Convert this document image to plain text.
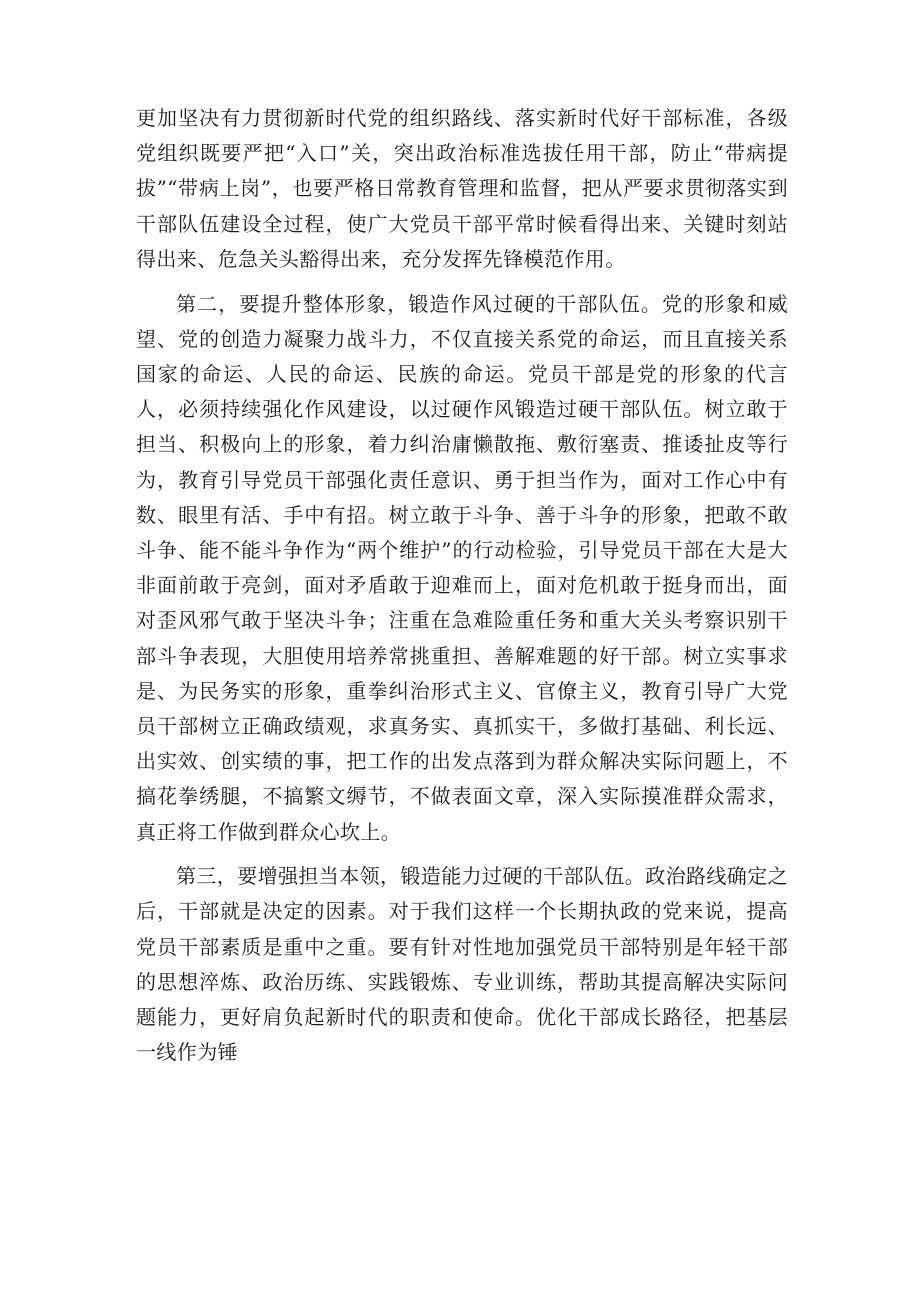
更加坚决有力贯彻新时代党的组织路线、落实新时代好干部标准，各级党组织既要严把“入口”关，突出政治标准选拔任用干部，防止“带病提拔”“带病上岗”，也要严格日常教育管理和监督，把从严要求贯彻落实到干部队伍建设全过程，使广大党员干部平常时候看得出来、关键时刻站得出来、危急关头豁得出来，充分发挥先锋模范作用。

第二，要提升整体形象，锻造作风过硬的干部队伍。党的形象和威望、党的创造力凝聚力战斗力，不仅直接关系党的命运，而且直接关系国家的命运、人民的命运、民族的命运。党员干部是党的形象的代言人，必须持续强化作风建设，以过硬作风锻造过硬干部队伍。树立敢于担当、积极向上的形象，着力纠治庸懒散拖、敷衍塞责、推诿扯皮等行为，教育引导党员干部强化责任意识、勇于担当作为，面对工作心中有数、眼里有活、手中有招。树立敢于斗争、善于斗争的形象，把敢不敢斗争、能不能斗争作为“两个维护”的行动检验，引导党员干部在大是大非面前敢于亮剑，面对矛盾敢于迎难而上，面对危机敢于挺身而出，面对歪风邪气敢于坚决斗争；注重在急难险重任务和重大关头考察识别干部斗争表现，大胆使用培养常挑重担、善解难题的好干部。树立实事求是、为民务实的形象，重拳纠治形式主义、官僚主义，教育引导广大党员干部树立正确政绩观，求真务实、真抓实干，多做打基础、利长远、出实效、创实绩的事，把工作的出发点落到为群众解决实际问题上，不搞花拳绣腿，不搞繁文缛节，不做表面文章，深入实际摸准群众需求，真正将工作做到群众心坎上。

第三，要增强担当本领，锻造能力过硬的干部队伍。政治路线确定之后，干部就是决定的因素。对于我们这样一个长期执政的党来说，提高党员干部素质是重中之重。要有针对性地加强党员干部特别是年轻干部的思想淬炼、政治历练、实践锻炼、专业训练，帮助其提高解决实际问题能力，更好肩负起新时代的职责和使命。优化干部成长路径，把基层一线作为锤
